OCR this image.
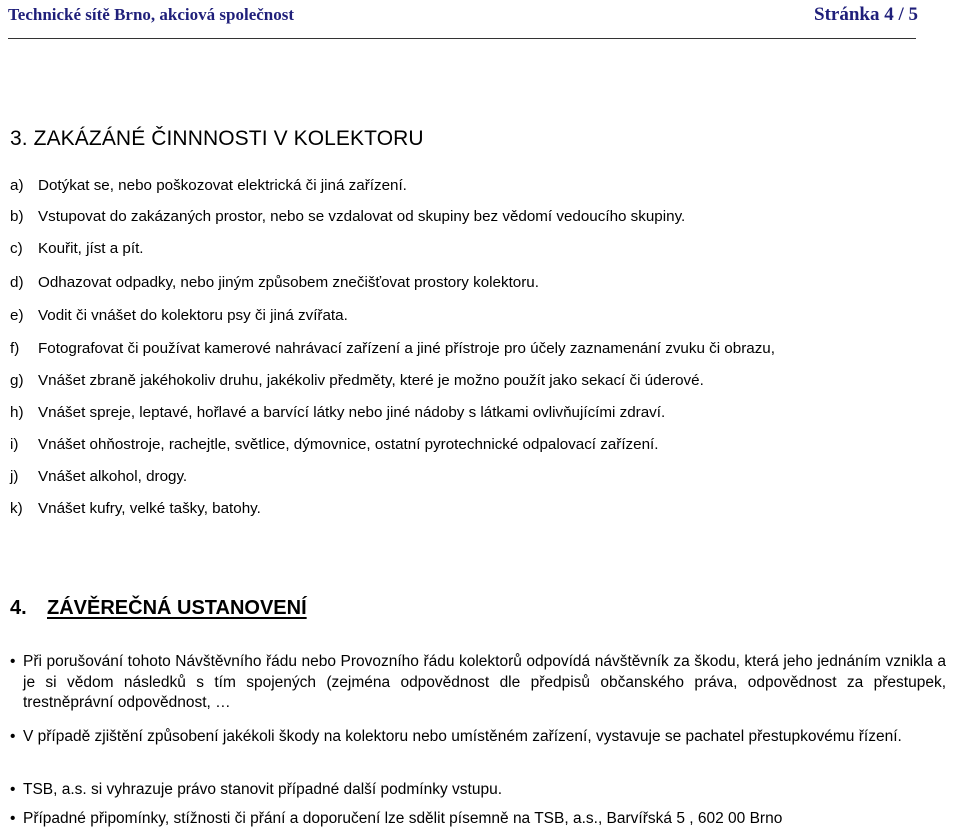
Technické sítě Brno, akciová společnost	Stránka 4 / 5
3. ZAKÁZÁNÉ ČINNNOSTI V KOLEKTORU
a) Dotýkat se, nebo poškozovat elektrická či jiná zařízení.
b) Vstupovat do zakázaných prostor, nebo se vzdalovat od skupiny bez vědomí vedoucího skupiny.
c) Kouřit, jíst a pít.
d) Odhazovat odpadky, nebo jiným způsobem znečišťovat prostory kolektoru.
e) Vodit či vnášet do kolektoru psy či jiná zvířata.
f) Fotografovat či používat kamerové nahrávací zařízení a jiné přístroje pro účely zaznamenání zvuku či obrazu,
g) Vnášet zbraně jakéhokoliv druhu, jakékoliv předměty, které je možno použít jako sekací či úderové.
h) Vnášet spreje, leptavé, hořlavé a barvící látky nebo jiné nádoby s látkami ovlivňujícími zdraví.
i) Vnášet ohňostroje, rachejtle, světlice, dýmovnice, ostatní pyrotechnické odpalovací zařízení.
j) Vnášet alkohol, drogy.
k) Vnášet kufry, velké tašky, batohy.
4. ZÁVĚREČNÁ USTANOVENÍ
• Při porušování tohoto Návštěvního řádu nebo Provozního řádu kolektorů odpovídá návštěvník za škodu, která jeho jednáním vznikla a je si vědom následků s tím spojených (zejména odpovědnost dle předpisů občanského práva, odpovědnost za přestupek, trestněprávní odpovědnost, …
• V případě zjištění způsobení jakékoli škody na kolektoru nebo umístěném zařízení, vystavuje se pachatel přestupkovému řízení.
• TSB, a.s. si vyhrazuje právo stanovit případné další podmínky vstupu.
• Případné připomínky, stížnosti či přání a doporučení lze sdělit písemně na TSB, a.s., Barvířská 5 , 602 00 Brno
